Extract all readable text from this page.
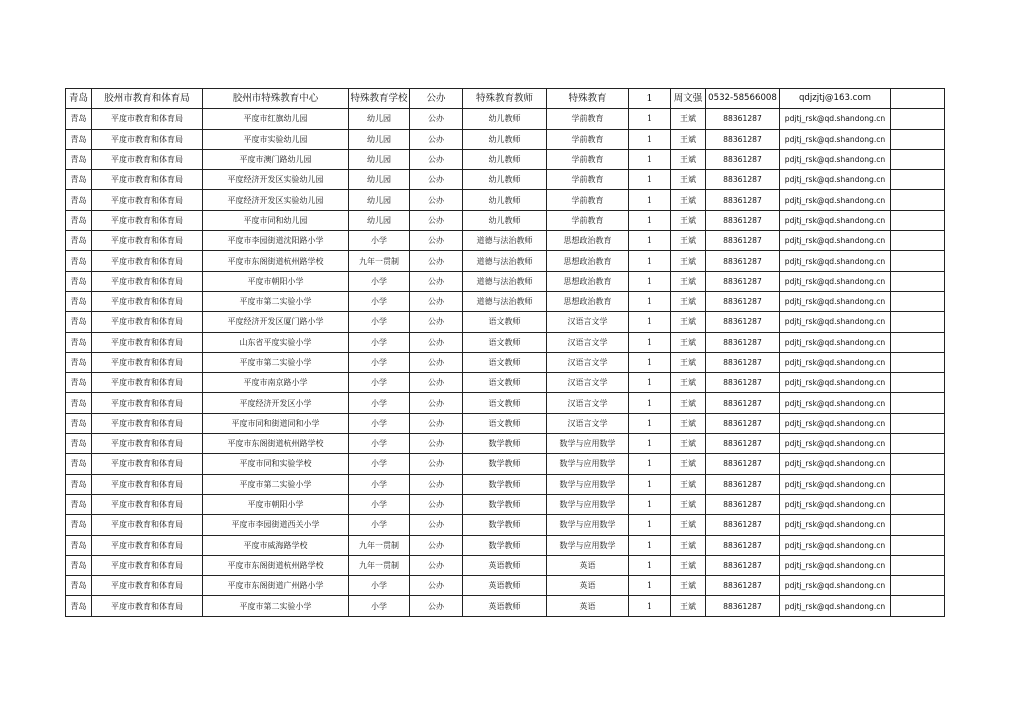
青岛	胶州市教育和体育局	胶州市特殊教育中心	特殊教育学校	公办	特殊教育教师	特殊教育	1	周文强	0532-58566008	qdjzjtj@163.com	
青岛	平度市教育和体育局	平度市红旗幼儿园	幼儿园	公办	幼儿教师	学前教育	1	王斌	88361287	pdjtj_rsk@qd.shandong.cn	
青岛	平度市教育和体育局	平度市实验幼儿园	幼儿园	公办	幼儿教师	学前教育	1	王斌	88361287	pdjtj_rsk@qd.shandong.cn	
青岛	平度市教育和体育局	平度市澳门路幼儿园	幼儿园	公办	幼儿教师	学前教育	1	王斌	88361287	pdjtj_rsk@qd.shandong.cn	
青岛	平度市教育和体育局	平度经济开发区实验幼儿园	幼儿园	公办	幼儿教师	学前教育	1	王斌	88361287	pdjtj_rsk@qd.shandong.cn	
青岛	平度市教育和体育局	平度经济开发区实验幼儿园	幼儿园	公办	幼儿教师	学前教育	1	王斌	88361287	pdjtj_rsk@qd.shandong.cn	
青岛	平度市教育和体育局	平度市同和幼儿园	幼儿园	公办	幼儿教师	学前教育	1	王斌	88361287	pdjtj_rsk@qd.shandong.cn	
青岛	平度市教育和体育局	平度市李园街道沈阳路小学	小学	公办	道德与法治教师	思想政治教育	1	王斌	88361287	pdjtj_rsk@qd.shandong.cn	
青岛	平度市教育和体育局	平度市东阁街道杭州路学校	九年一贯制	公办	道德与法治教师	思想政治教育	1	王斌	88361287	pdjtj_rsk@qd.shandong.cn	
青岛	平度市教育和体育局	平度市朝阳小学	小学	公办	道德与法治教师	思想政治教育	1	王斌	88361287	pdjtj_rsk@qd.shandong.cn	
青岛	平度市教育和体育局	平度市第二实验小学	小学	公办	道德与法治教师	思想政治教育	1	王斌	88361287	pdjtj_rsk@qd.shandong.cn	
青岛	平度市教育和体育局	平度经济开发区厦门路小学	小学	公办	语文教师	汉语言文学	1	王斌	88361287	pdjtj_rsk@qd.shandong.cn	
青岛	平度市教育和体育局	山东省平度实验小学	小学	公办	语文教师	汉语言文学	1	王斌	88361287	pdjtj_rsk@qd.shandong.cn	
青岛	平度市教育和体育局	平度市第二实验小学	小学	公办	语文教师	汉语言文学	1	王斌	88361287	pdjtj_rsk@qd.shandong.cn	
青岛	平度市教育和体育局	平度市南京路小学	小学	公办	语文教师	汉语言文学	1	王斌	88361287	pdjtj_rsk@qd.shandong.cn	
青岛	平度市教育和体育局	平度经济开发区小学	小学	公办	语文教师	汉语言文学	1	王斌	88361287	pdjtj_rsk@qd.shandong.cn	
青岛	平度市教育和体育局	平度市同和街道同和小学	小学	公办	语文教师	汉语言文学	1	王斌	88361287	pdjtj_rsk@qd.shandong.cn	
青岛	平度市教育和体育局	平度市东阁街道杭州路学校	小学	公办	数学教师	数学与应用数学	1	王斌	88361287	pdjtj_rsk@qd.shandong.cn	
青岛	平度市教育和体育局	平度市同和实验学校	小学	公办	数学教师	数学与应用数学	1	王斌	88361287	pdjtj_rsk@qd.shandong.cn	
青岛	平度市教育和体育局	平度市第二实验小学	小学	公办	数学教师	数学与应用数学	1	王斌	88361287	pdjtj_rsk@qd.shandong.cn	
青岛	平度市教育和体育局	平度市朝阳小学	小学	公办	数学教师	数学与应用数学	1	王斌	88361287	pdjtj_rsk@qd.shandong.cn	
青岛	平度市教育和体育局	平度市李园街道西关小学	小学	公办	数学教师	数学与应用数学	1	王斌	88361287	pdjtj_rsk@qd.shandong.cn	
青岛	平度市教育和体育局	平度市威海路学校	九年一贯制	公办	数学教师	数学与应用数学	1	王斌	88361287	pdjtj_rsk@qd.shandong.cn	
青岛	平度市教育和体育局	平度市东阁街道杭州路学校	九年一贯制	公办	英语教师	英语	1	王斌	88361287	pdjtj_rsk@qd.shandong.cn	
青岛	平度市教育和体育局	平度市东阁街道广州路小学	小学	公办	英语教师	英语	1	王斌	88361287	pdjtj_rsk@qd.shandong.cn	
青岛	平度市教育和体育局	平度市第二实验小学	小学	公办	英语教师	英语	1	王斌	88361287	pdjtj_rsk@qd.shandong.cn	
